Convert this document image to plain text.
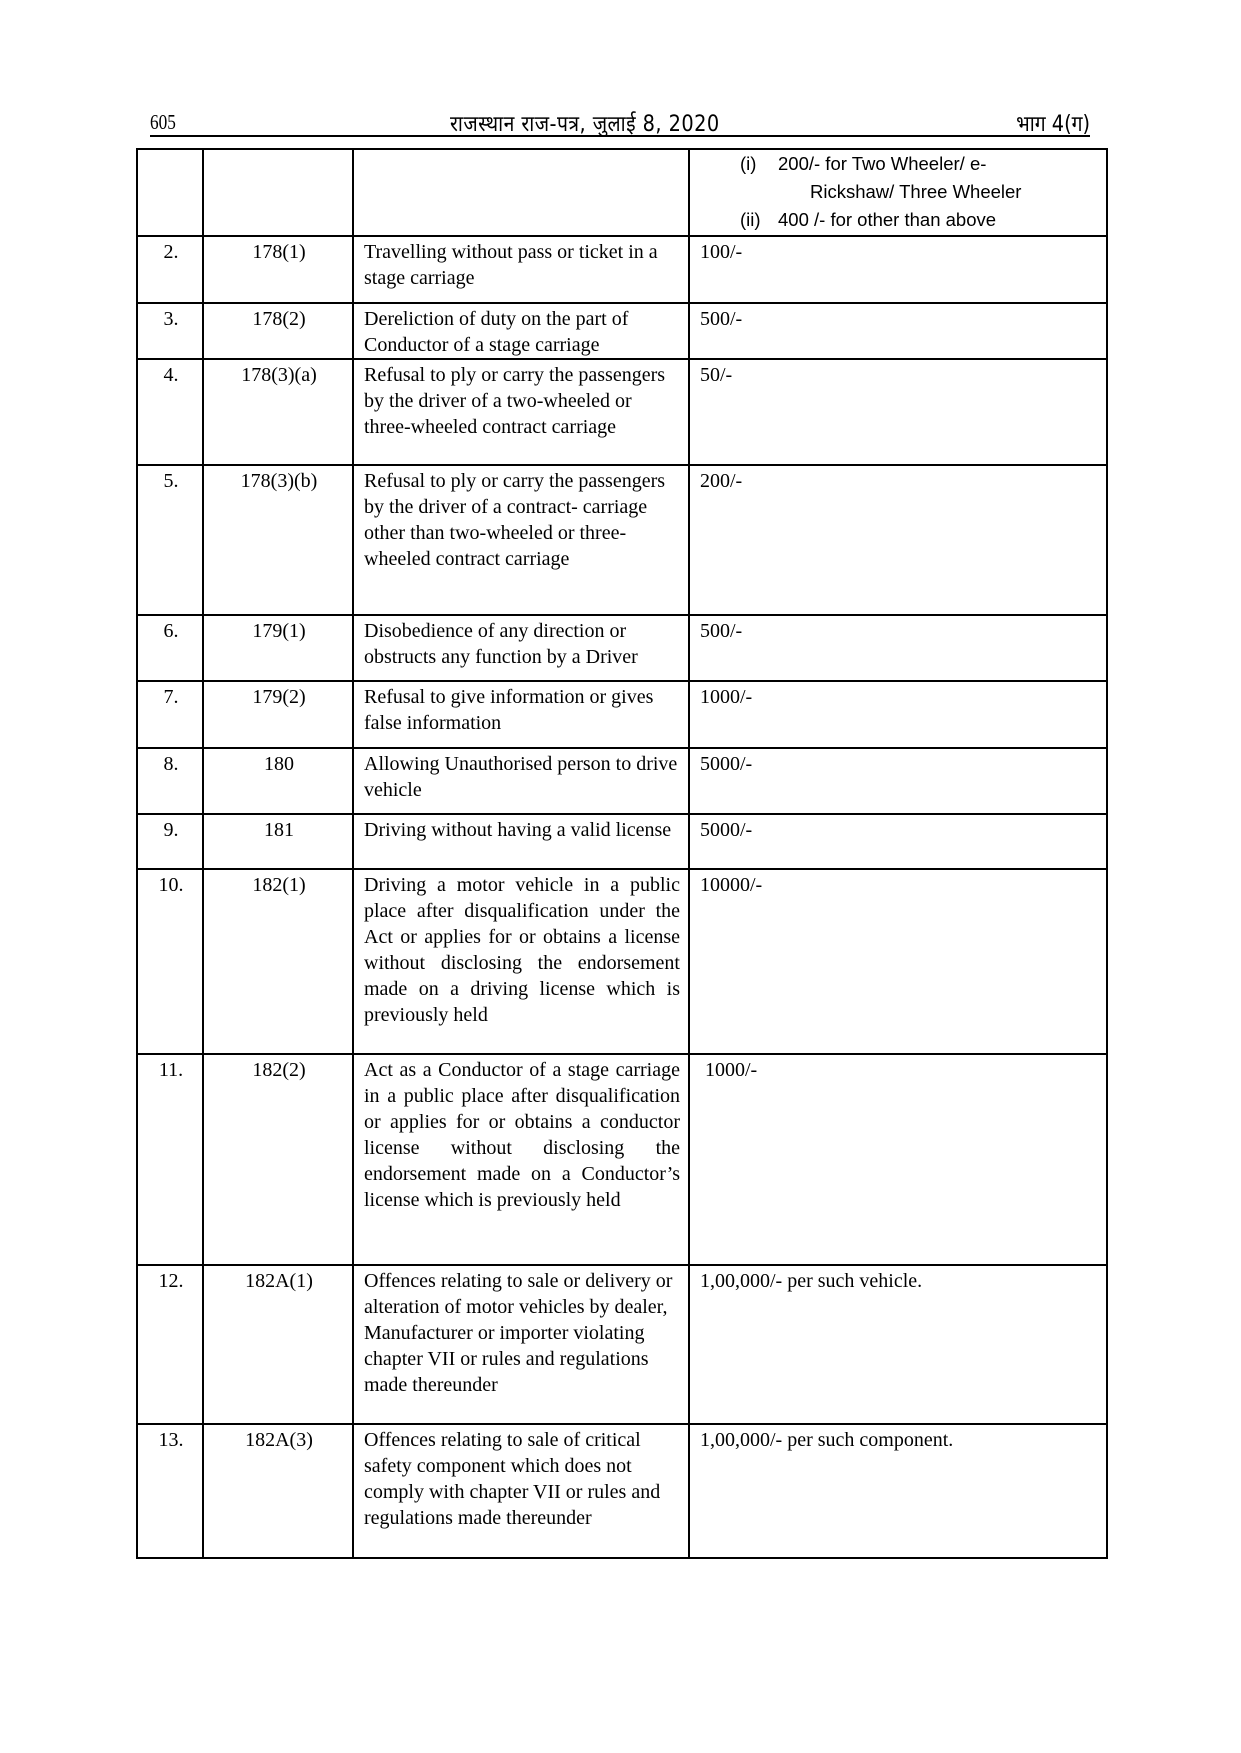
605	राजस्थान राज-पत्र, जुलाई 8, 2020	भाग 4(ग)

			(i) 200/- for Two Wheeler/ e-
Rickshaw/ Three Wheeler
(ii) 400 /- for other than above

2.	178(1)	Travelling without pass or ticket in a stage carriage	100/-
3.	178(2)	Dereliction of duty on the part of Conductor of a stage carriage	500/-
4.	178(3)(a)	Refusal to ply or carry the passengers by the driver of a two-wheeled or three-wheeled contract carriage	50/-
5.	178(3)(b)	Refusal to ply or carry the passengers by the driver of a contract- carriage other than two-wheeled or three-wheeled contract carriage	200/-
6.	179(1)	Disobedience of any direction or obstructs any function by a Driver	500/-
7.	179(2)	Refusal to give information or gives false information	1000/-
8.	180	Allowing Unauthorised person to drive vehicle	5000/-
9.	181	Driving without having a valid license	5000/-
10.	182(1)	Driving a motor vehicle in a public place after disqualification under the Act or applies for or obtains a license without disclosing the endorsement made on a driving license which is previously held	10000/-
11.	182(2)	Act as a Conductor of a stage carriage in a public place after disqualification or applies for or obtains a conductor license without disclosing the endorsement made on a Conductor’s license which is previously held	1000/-
12.	182A(1)	Offences relating to sale or delivery or alteration of motor vehicles by dealer, Manufacturer or importer violating chapter VII or rules and regulations made thereunder	1,00,000/- per such vehicle.
13.	182A(3)	Offences relating to sale of critical safety component which does not comply with chapter VII or rules and regulations made thereunder	1,00,000/- per such component.
